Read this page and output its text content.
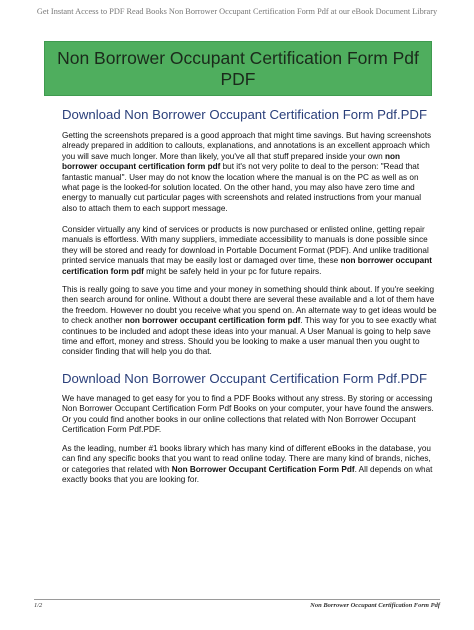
Get Instant Access to PDF Read Books Non Borrower Occupant Certification Form Pdf at our eBook Document Library
Non Borrower Occupant Certification Form Pdf PDF
Download Non Borrower Occupant Certification Form Pdf.PDF

Getting the screenshots prepared is a good approach that might time savings. But having screenshots already prepared in addition to callouts, explanations, and annotations is an excellent approach which you will save much longer. More than likely, you've all that stuff prepared inside your own non borrower occupant certification form pdf but it's not very polite to deal to the person: "Read that fantastic manual". User may do not know the location where the manual is on the PC as well as on what page is the looked-for solution located. On the other hand, you may also have zero time and energy to manually cut particular pages with screenshots and related instructions from your manual also to attach them to each support message.

Consider virtually any kind of services or products is now purchased or enlisted online, getting repair manuals is effortless. With many suppliers, immediate accessibility to manuals is done possible since they will be stored and ready for download in Portable Document Format (PDF). And unlike traditional printed service manuals that may be easily lost or damaged over time, these non borrower occupant certification form pdf might be safely held in your pc for future repairs.

This is really going to save you time and your money in something should think about. If you're seeking then search around for online. Without a doubt there are several these available and a lot of them have the freedom. However no doubt you receive what you spend on. An alternate way to get ideas would be to check another non borrower occupant certification form pdf. This way for you to see exactly what continues to be included and adopt these ideas into your manual. A User Manual is going to help save time and effort, money and stress. Should you be looking to make a user manual then you ought to consider finding that will help you do that.

Download Non Borrower Occupant Certification Form Pdf.PDF

We have managed to get easy for you to find a PDF Books without any stress. By storing or accessing Non Borrower Occupant Certification Form Pdf Books on your computer, your have found the answers. Or you could find another books in our online collections that related with Non Borrower Occupant Certification Form Pdf.PDF.

As the leading, number #1 books library which has many kind of different eBooks in the database, you can find any specific books that you want to read online today. There are many kind of brands, niches, or categories that related with Non Borrower Occupant Certification Form Pdf. All depends on what exactly books that you are looking for.

1/2	Non Borrower Occupant Certification Form Pdf
